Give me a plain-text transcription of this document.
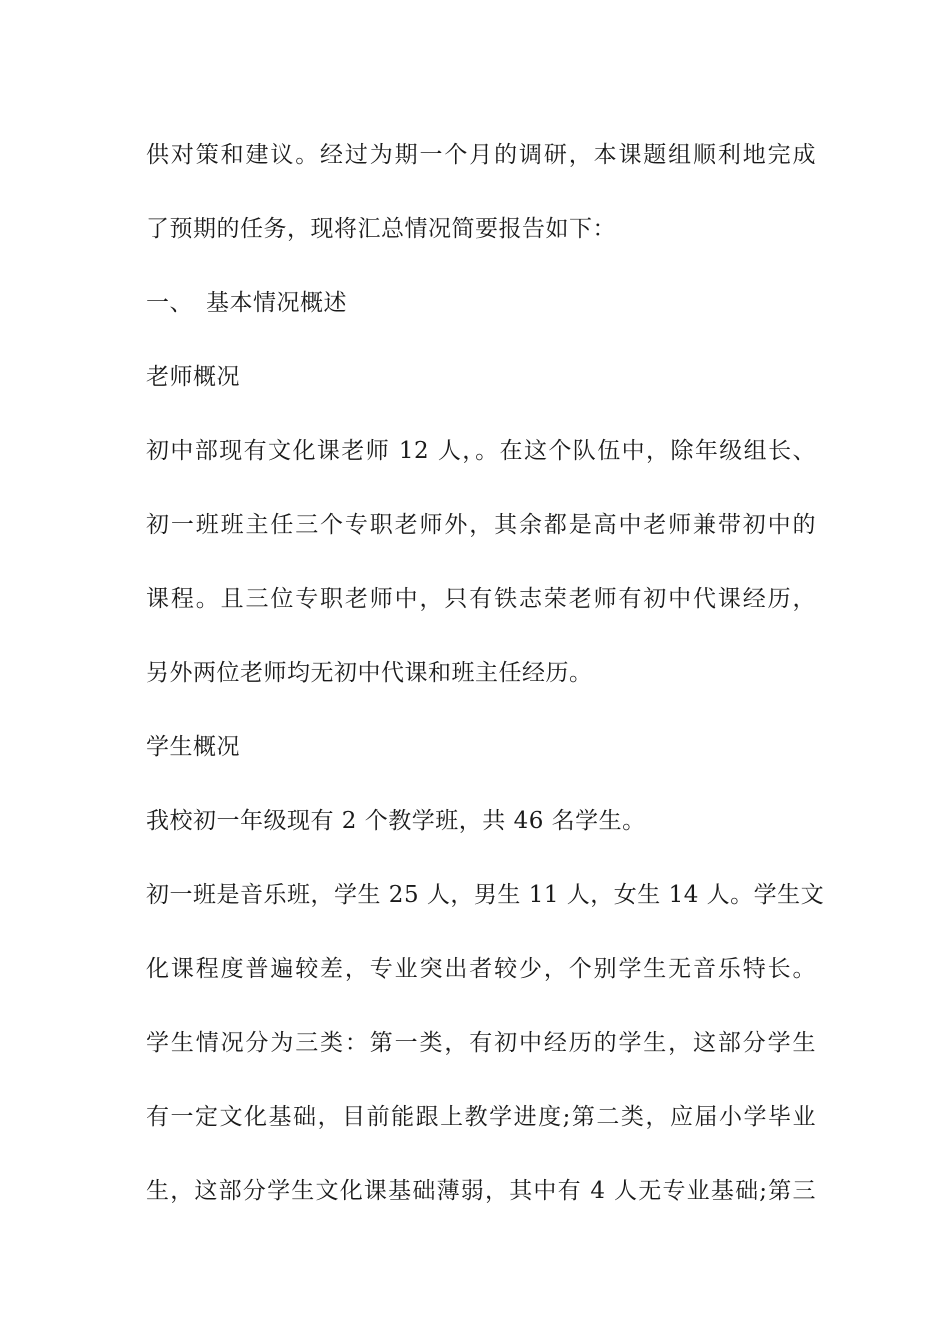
供对策和建议。经过为期一个月的调研，本课题组顺利地完成
了预期的任务，现将汇总情况简要报告如下：
一、 基本情况概述
老师概况
初中部现有文化课老师 12 人，。在这个队伍中，除年级组长、
初一班班主任三个专职老师外，其余都是高中老师兼带初中的
课程。且三位专职老师中，只有铁志荣老师有初中代课经历，
另外两位老师均无初中代课和班主任经历。
学生概况
我校初一年级现有 2 个教学班，共 46 名学生。
初一班是音乐班，学生 25 人，男生 11 人，女生 14 人。学生文
化课程度普遍较差，专业突出者较少，个别学生无音乐特长。
学生情况分为三类：第一类，有初中经历的学生，这部分学生
有一定文化基础，目前能跟上教学进度;第二类，应届小学毕业
生，这部分学生文化课基础薄弱，其中有 4 人无专业基础;第三
